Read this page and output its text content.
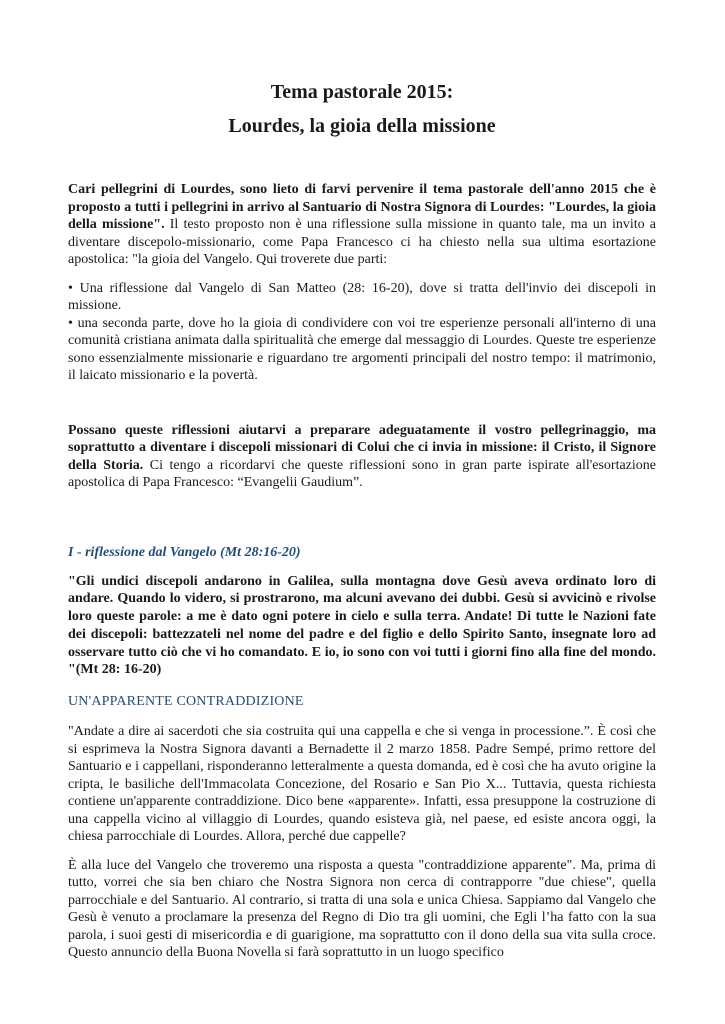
Tema pastorale 2015:
Lourdes, la gioia della missione

Cari pellegrini di Lourdes, sono lieto di farvi pervenire il tema pastorale dell'anno 2015 che è proposto a tutti i pellegrini in arrivo al Santuario di Nostra Signora di Lourdes: "Lourdes, la gioia della missione". Il testo proposto non è una riflessione sulla missione in quanto tale, ma un invito a diventare discepolo-missionario, come Papa Francesco ci ha chiesto nella sua ultima esortazione apostolica: "la gioia del Vangelo. Qui troverete due parti:

• Una riflessione dal Vangelo di San Matteo (28: 16-20), dove si tratta dell'invio dei discepoli in missione.
• una seconda parte, dove ho la gioia di condividere con voi tre esperienze personali all'interno di una comunità cristiana animata dalla spiritualità che emerge dal messaggio di Lourdes. Queste tre esperienze sono essenzialmente missionarie e riguardano tre argomenti principali del nostro tempo: il matrimonio, il laicato missionario e la povertà.

Possano queste riflessioni aiutarvi a preparare adeguatamente il vostro pellegrinaggio, ma soprattutto a diventare i discepoli missionari di Colui che ci invia in missione: il Cristo, il Signore della Storia. Ci tengo a ricordarvi che queste riflessioni sono in gran parte ispirate all'esortazione apostolica di Papa Francesco: “Evangelii Gaudium”.

I - riflessione dal Vangelo (Mt 28:16-20)

"Gli undici discepoli andarono in Galilea, sulla montagna dove Gesù aveva ordinato loro di andare. Quando lo videro, si prostrarono, ma alcuni avevano dei dubbi. Gesù si avvicinò e rivolse loro queste parole: a me è dato ogni potere in cielo e sulla terra. Andate! Di tutte le Nazioni fate dei discepoli: battezzateli nel nome del padre e del figlio e dello Spirito Santo, insegnate loro ad osservare tutto ciò che vi ho comandato. E io, io sono con voi tutti i giorni fino alla fine del mondo. "(Mt 28: 16-20)

UN'APPARENTE CONTRADDIZIONE

"Andate a dire ai sacerdoti che sia costruita qui una cappella e che si venga in processione.”. È così che si esprimeva la Nostra Signora davanti a Bernadette il 2 marzo 1858. Padre Sempé, primo rettore del Santuario e i cappellani, risponderanno letteralmente a questa domanda, ed è così che ha avuto origine la cripta, le basiliche dell'Immacolata Concezione, del Rosario e San Pio X... Tuttavia, questa richiesta contiene un'apparente contraddizione. Dico bene «apparente». Infatti, essa presuppone la costruzione di una cappella vicino al villaggio di Lourdes, quando esisteva già, nel paese, ed esiste ancora oggi, la chiesa parrocchiale di Lourdes. Allora, perché due cappelle?

È alla luce del Vangelo che troveremo una risposta a questa "contraddizione apparente". Ma, prima di tutto, vorrei che sia ben chiaro che Nostra Signora non cerca di contrapporre "due chiese", quella parrocchiale e del Santuario. Al contrario, si tratta di una sola e unica Chiesa. Sappiamo dal Vangelo che Gesù è venuto a proclamare la presenza del Regno di Dio tra gli uomini, che Egli l’ha fatto con la sua parola, i suoi gesti di misericordia e di guarigione, ma soprattutto con il dono della sua vita sulla croce. Questo annuncio della Buona Novella si farà soprattutto in un luogo specifico
